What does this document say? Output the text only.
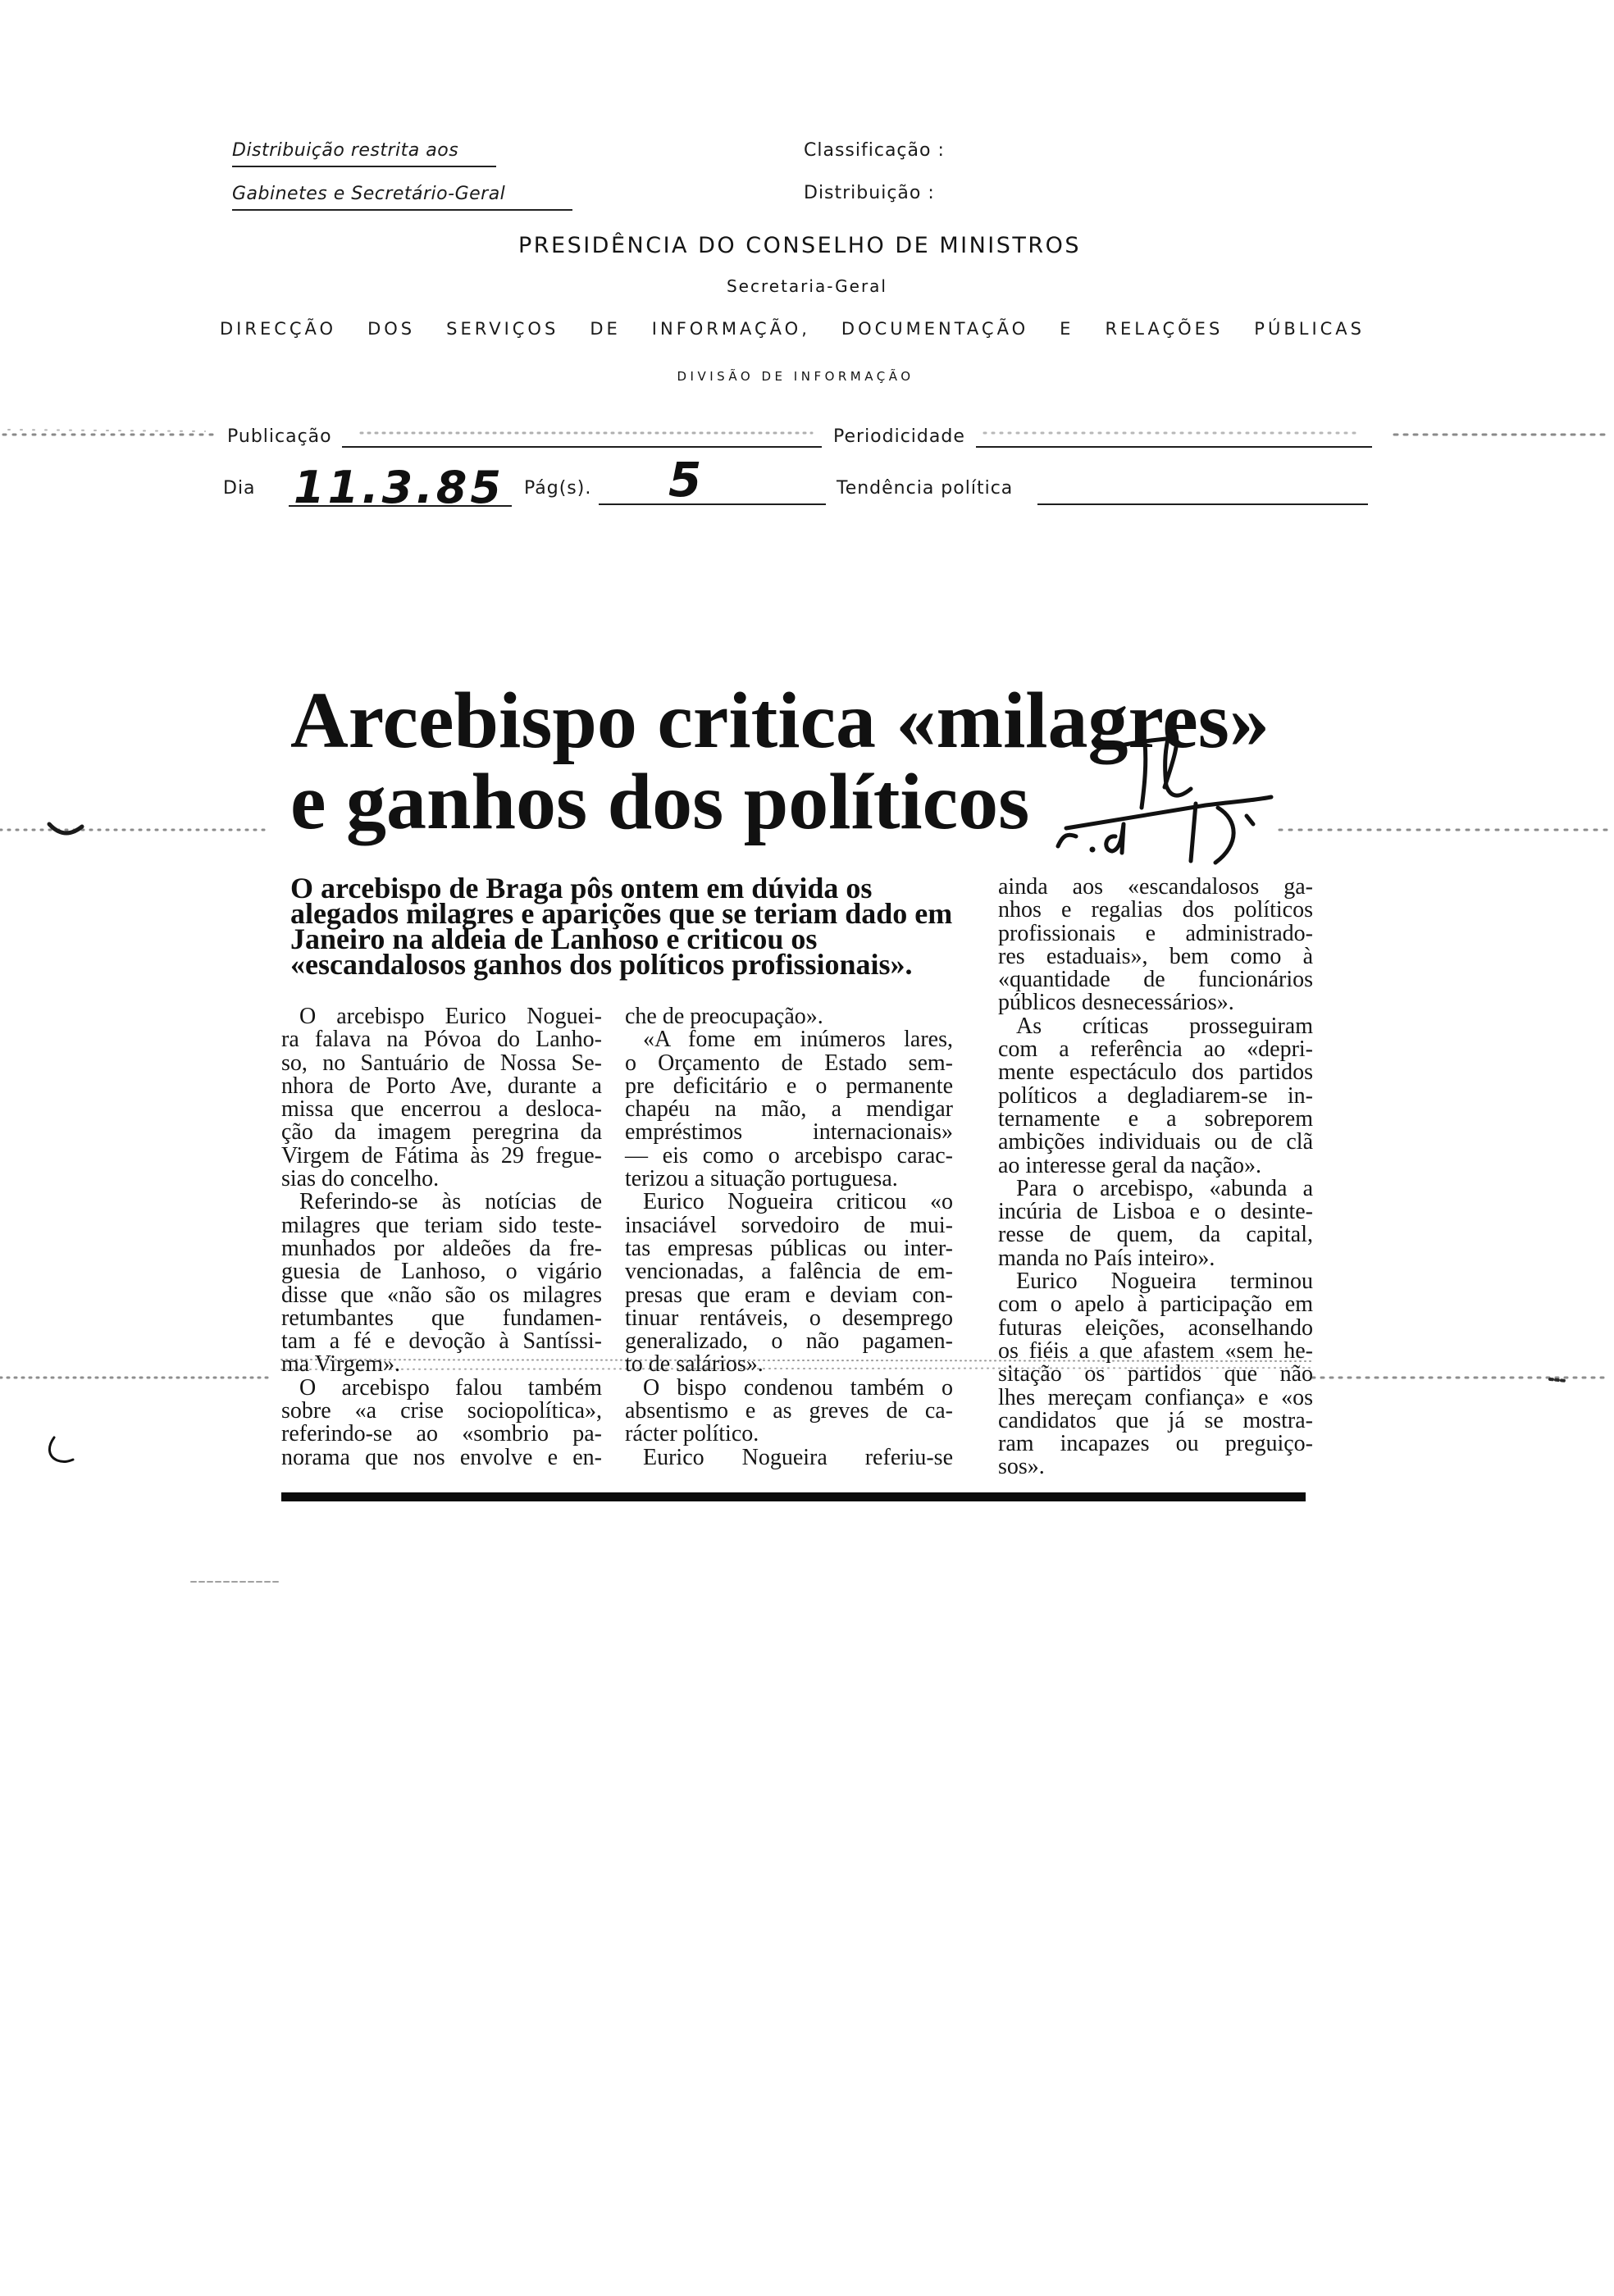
Distribuição restrita aos
Gabinetes e Secretário-Geral
Classificação :
Distribuição :
PRESIDÊNCIA DO CONSELHO DE MINISTROS
Secretaria-Geral
DIRECÇÃO DOS SERVIÇOS DE INFORMAÇÃO, DOCUMENTAÇÃO E RELAÇÕES PÚBLICAS
DIVISÃO DE INFORMAÇÃO
Publicação	Periodicidade
Dia 11.3.85 Pág(s). 5	Tendência política
Arcebispo critica «milagres»
e ganhos dos políticos
O arcebispo de Braga pôs ontem em dúvida os
alegados milagres e aparições que se teriam dado em
Janeiro na aldeia de Lanhoso e criticou os
«escandalosos ganhos dos políticos profissionais».
O arcebispo Eurico Noguei-
ra falava na Póvoa do Lanho-
so, no Santuário de Nossa Se-
nhora de Porto Ave, durante a
missa que encerrou a desloca-
ção da imagem peregrina da
Virgem de Fátima às 29 fregue-
sias do concelho.
Referindo-se às notícias de
milagres que teriam sido teste-
munhados por aldeões da fre-
guesia de Lanhoso, o vigário
disse que «não são os milagres
retumbantes que fundamen-
tam a fé e devoção à Santíssi-
ma Virgem».
O arcebispo falou também
sobre «a crise sociopolítica»,
referindo-se ao «sombrio pa-
norama que nos envolve e en-
che de preocupação».
«A fome em inúmeros lares,
o Orçamento de Estado sem-
pre deficitário e o permanente
chapéu na mão, a mendigar
empréstimos internacionais»
— eis como o arcebispo carac-
terizou a situação portuguesa.
Eurico Nogueira criticou «o
insaciável sorvedoiro de mui-
tas empresas públicas ou inter-
vencionadas, a falência de em-
presas que eram e deviam con-
tinuar rentáveis, o desemprego
generalizado, o não pagamen-
to de salários».
O bispo condenou também o
absentismo e as greves de ca-
rácter político.
Eurico Nogueira referiu-se
ainda aos «escandalosos ga-
nhos e regalias dos políticos
profissionais e administrado-
res estaduais», bem como à
«quantidade de funcionários
públicos desnecessários».
As críticas prosseguiram
com a referência ao «depri-
mente espectáculo dos partidos
políticos a degladiarem-se in-
ternamente e a sobreporem
ambições individuais ou de clã
ao interesse geral da nação».
Para o arcebispo, «abunda a
incúria de Lisboa e o desinte-
resse de quem, da capital,
manda no País inteiro».
Eurico Nogueira terminou
com o apelo à participação em
futuras eleições, aconselhando
os fiéis a que afastem «sem he-
sitação os partidos que não
lhes mereçam confiança» e «os
candidatos que já se mostra-
ram incapazes ou preguiço-
sos».
